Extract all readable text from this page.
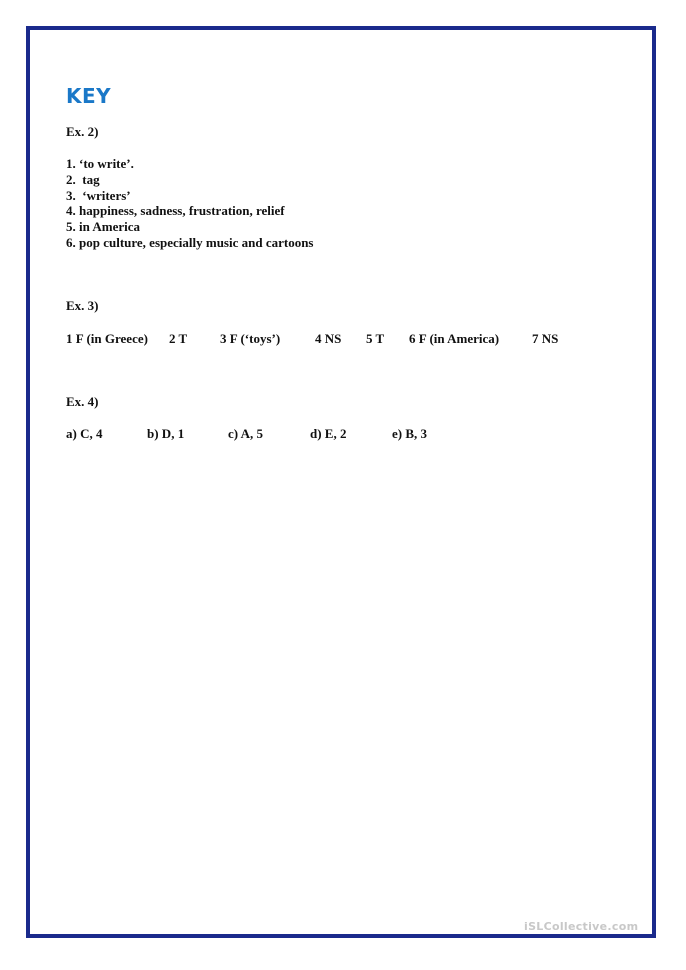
KEY
Ex. 2)
1. ‘to write’.
2.  tag
3.  ‘writers’
4. happiness, sadness, frustration, relief
5. in America
6. pop culture, especially music and cartoons
Ex. 3)
1 F (in Greece) 2 T	3 F (‘toys’)	4 NS 5 T 6 F (in America)	7 NS
Ex. 4)
a) C, 4	b) D, 1	c) A, 5	d) E, 2	e) B, 3
iSLCollective.com
